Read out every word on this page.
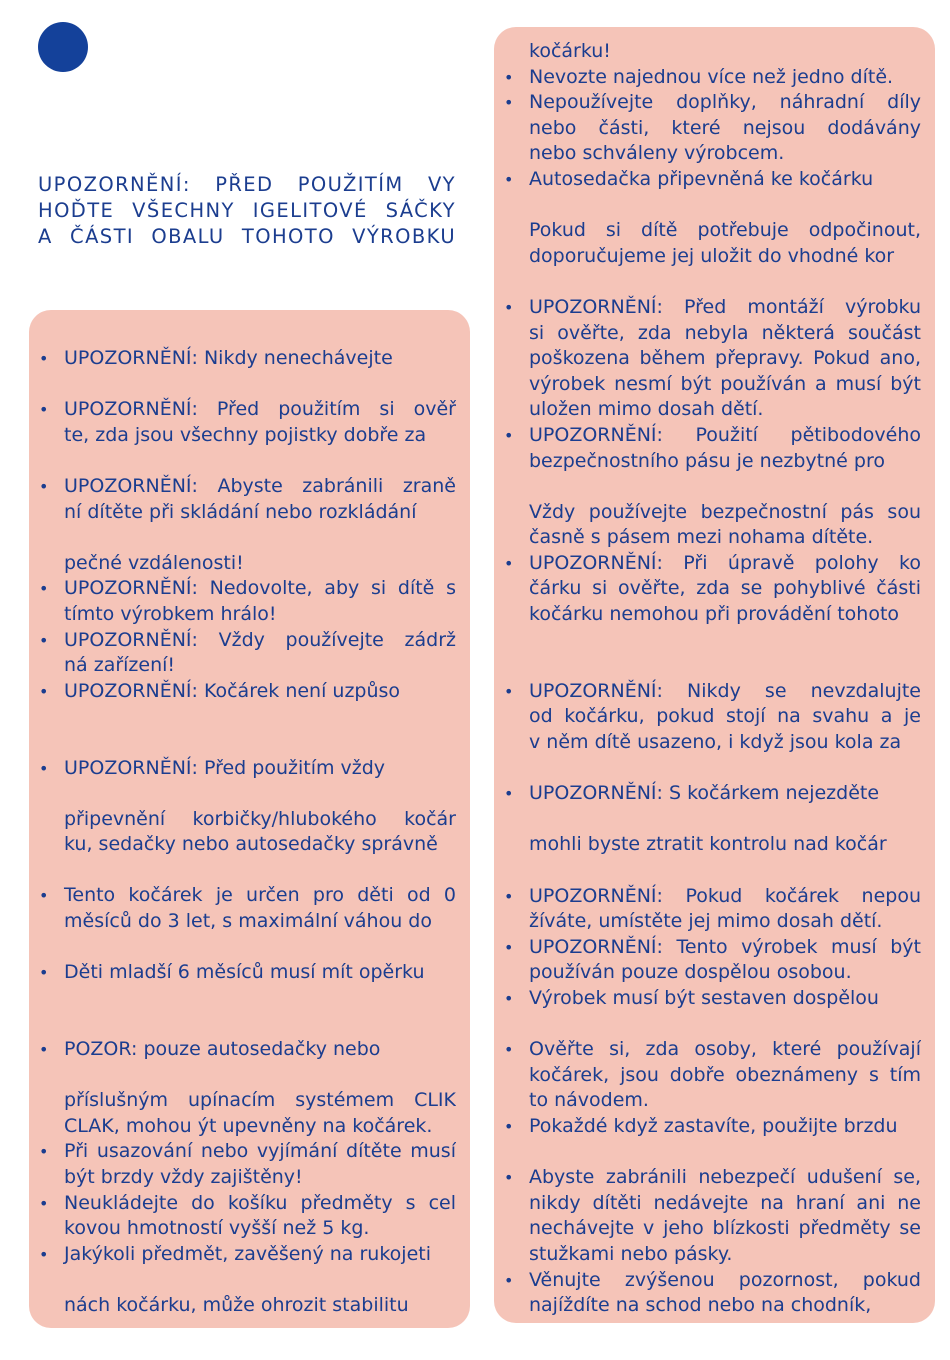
UPOZORNĚNÍ: PŘED POUŽITÍM VY
HOĎTE VŠECHNY IGELITOVÉ SÁČKY
A ČÁSTI OBALU TOHOTO VÝROBKU
• UPOZORNĚNÍ: Nikdy nenechávejte
• UPOZORNĚNÍ: Před použitím si ověř
te, zda jsou všechny pojistky dobře za
• UPOZORNĚNÍ: Abyste zabránili zraně
ní dítěte při skládání nebo rozkládání
pečné vzdálenosti!
• UPOZORNĚNÍ: Nedovolte, aby si dítě s
tímto výrobkem hrálo!
• UPOZORNĚNÍ: Vždy používejte zádrž
ná zařízení!
• UPOZORNĚNÍ: Kočárek není uzpůso
• UPOZORNĚNÍ: Před použitím vždy
připevnění korbičky/hlubokého kočár
ku, sedačky nebo autosedačky správně
• Tento kočárek je určen pro děti od 0
měsíců do 3 let, s maximální váhou do
• Děti mladší 6 měsíců musí mít opěrku
• POZOR: pouze autosedačky nebo
příslušným upínacím systémem CLIK
CLAK, mohou ýt upevněny na kočárek.
• Při usazování nebo vyjímání dítěte musí
být brzdy vždy zajištěny!
• Neukládejte do košíku předměty s cel
kovou hmotností vyšší než 5 kg.
• Jakýkoli předmět, zavěšený na rukojeti
nách kočárku, může ohrozit stabilitu
kočárku!
• Nevozte najednou více než jedno dítě.
• Nepoužívejte doplňky, náhradní díly
nebo části, které nejsou dodávány
nebo schváleny výrobcem.
• Autosedačka připevněná ke kočárku
Pokud si dítě potřebuje odpočinout,
doporučujeme jej uložit do vhodné kor
• UPOZORNĚNÍ: Před montáží výrobku
si ověřte, zda nebyla některá součást
poškozena během přepravy. Pokud ano,
výrobek nesmí být používán a musí být
uložen mimo dosah dětí.
• UPOZORNĚNÍ: Použití pětibodového
bezpečnostního pásu je nezbytné pro
Vždy používejte bezpečnostní pás sou
časně s pásem mezi nohama dítěte.
• UPOZORNĚNÍ: Při úpravě polohy ko
čárku si ověřte, zda se pohyblivé části
kočárku nemohou při provádění tohoto
• UPOZORNĚNÍ: Nikdy se nevzdalujte
od kočárku, pokud stojí na svahu a je
v něm dítě usazeno, i když jsou kola za
• UPOZORNĚNÍ: S kočárkem nejezděte
mohli byste ztratit kontrolu nad kočár
• UPOZORNĚNÍ: Pokud kočárek nepou
žíváte, umístěte jej mimo dosah dětí.
• UPOZORNĚNÍ: Tento výrobek musí být
používán pouze dospělou osobou.
• Výrobek musí být sestaven dospělou
• Ověřte si, zda osoby, které používají
kočárek, jsou dobře obeznámeny s tím
to návodem.
• Pokaždé když zastavíte, použijte brzdu
• Abyste zabránili nebezpečí udušení se,
nikdy dítěti nedávejte na hraní ani ne
nechávejte v jeho blízkosti předměty se
stužkami nebo pásky.
• Věnujte zvýšenou pozornost, pokud
najíždíte na schod nebo na chodník,
